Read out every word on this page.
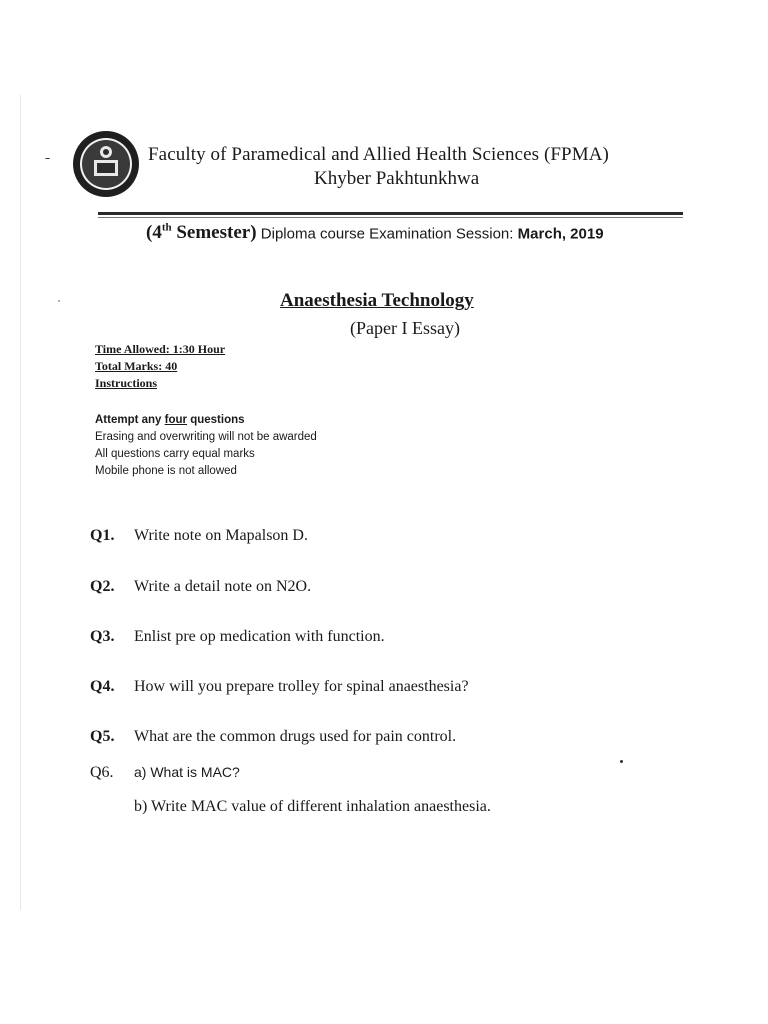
Faculty of Paramedical and Allied Health Sciences (FPMA)
Khyber Pakhtunkhwa
(4th Semester) Diploma course Examination Session: March, 2019
Anaesthesia Technology
(Paper I Essay)
Time Allowed: 1:30 Hour
Total Marks: 40
Instructions
Attempt any four questions
Erasing and overwriting will not be awarded
All questions carry equal marks
Mobile phone is not allowed
Q1. Write note on Mapalson D.
Q2. Write a detail note on N2O.
Q3. Enlist pre op medication with function.
Q4. How will you prepare trolley for spinal anaesthesia?
Q5. What are the common drugs used for pain control.
Q6. a) What is MAC?
b) Write MAC value of different inhalation anaesthesia.
